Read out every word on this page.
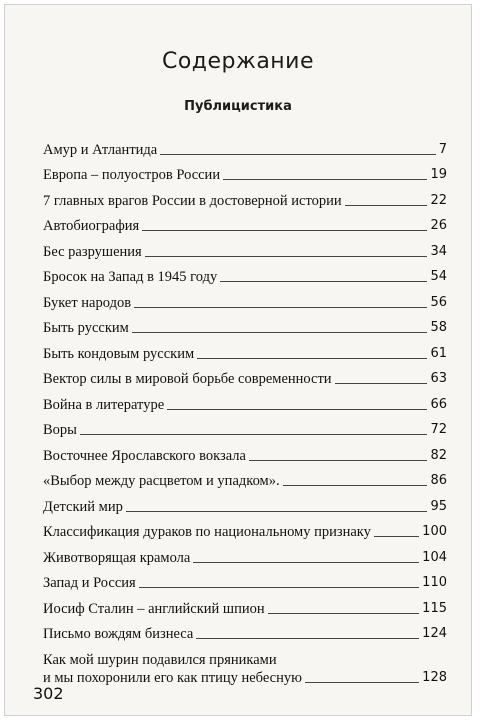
Содержание
Публицистика
Амур и Атлантида	7
Европа – полуостров России	19
7 главных врагов России в достоверной истории	22
Автобиография	26
Бес разрушения	34
Бросок на Запад в 1945 году	54
Букет народов	56
Быть русским	58
Быть кондовым русским	61
Вектор силы в мировой борьбе современности	63
Война в литературе	66
Воры	72
Восточнее Ярославского вокзала	82
«Выбор между расцветом и упадком».	86
Детский мир	95
Классификация дураков по национальному признаку	100
Животворящая крамола	104
Запад и Россия	110
Иосиф Сталин – английский шпион	115
Письмо вождям бизнеса	124
Как мой шурин подавился пряниками
и мы похоронили его как птицу небесную	128
302
